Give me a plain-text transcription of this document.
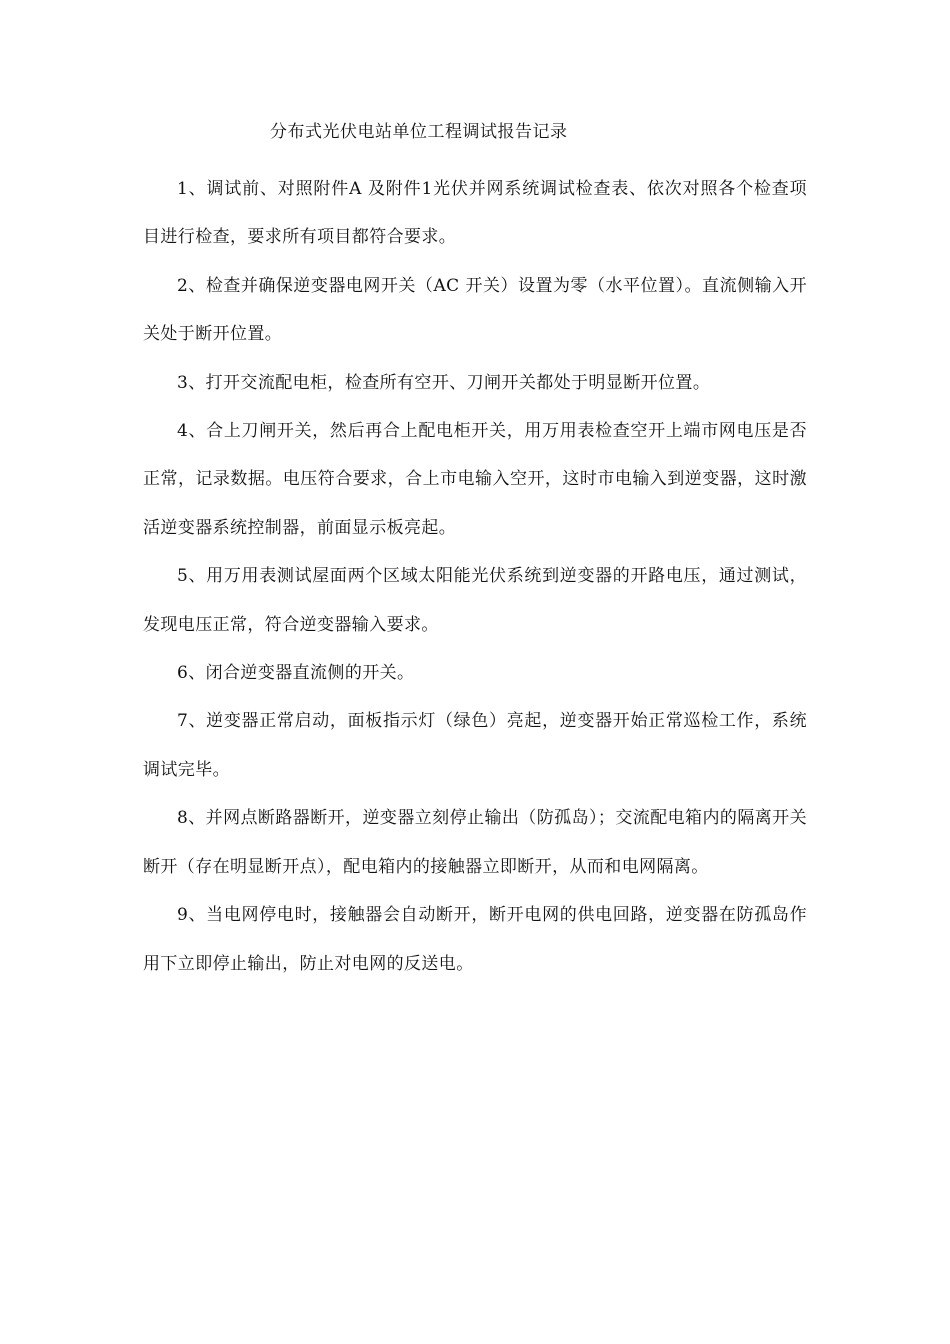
分布式光伏电站单位工程调试报告记录

1、调试前、对照附件A 及附件1光伏并网系统调试检查表、依次对照各个检查项目进行检查，要求所有项目都符合要求。

2、检查并确保逆变器电网开关（AC 开关）设置为零（水平位置）。直流侧输入开关处于断开位置。

3、打开交流配电柜，检查所有空开、刀闸开关都处于明显断开位置。

4、合上刀闸开关，然后再合上配电柜开关，用万用表检查空开上端市网电压是否正常，记录数据。电压符合要求，合上市电输入空开，这时市电输入到逆变器，这时激活逆变器系统控制器，前面显示板亮起。

5、用万用表测试屋面两个区域太阳能光伏系统到逆变器的开路电压，通过测试，发现电压正常，符合逆变器输入要求。

6、闭合逆变器直流侧的开关。

7、逆变器正常启动，面板指示灯（绿色）亮起，逆变器开始正常巡检工作，系统调试完毕。

8、并网点断路器断开，逆变器立刻停止输出（防孤岛）；交流配电箱内的隔离开关断开（存在明显断开点），配电箱内的接触器立即断开，从而和电网隔离。

9、当电网停电时，接触器会自动断开，断开电网的供电回路，逆变器在防孤岛作用下立即停止输出，防止对电网的反送电。
